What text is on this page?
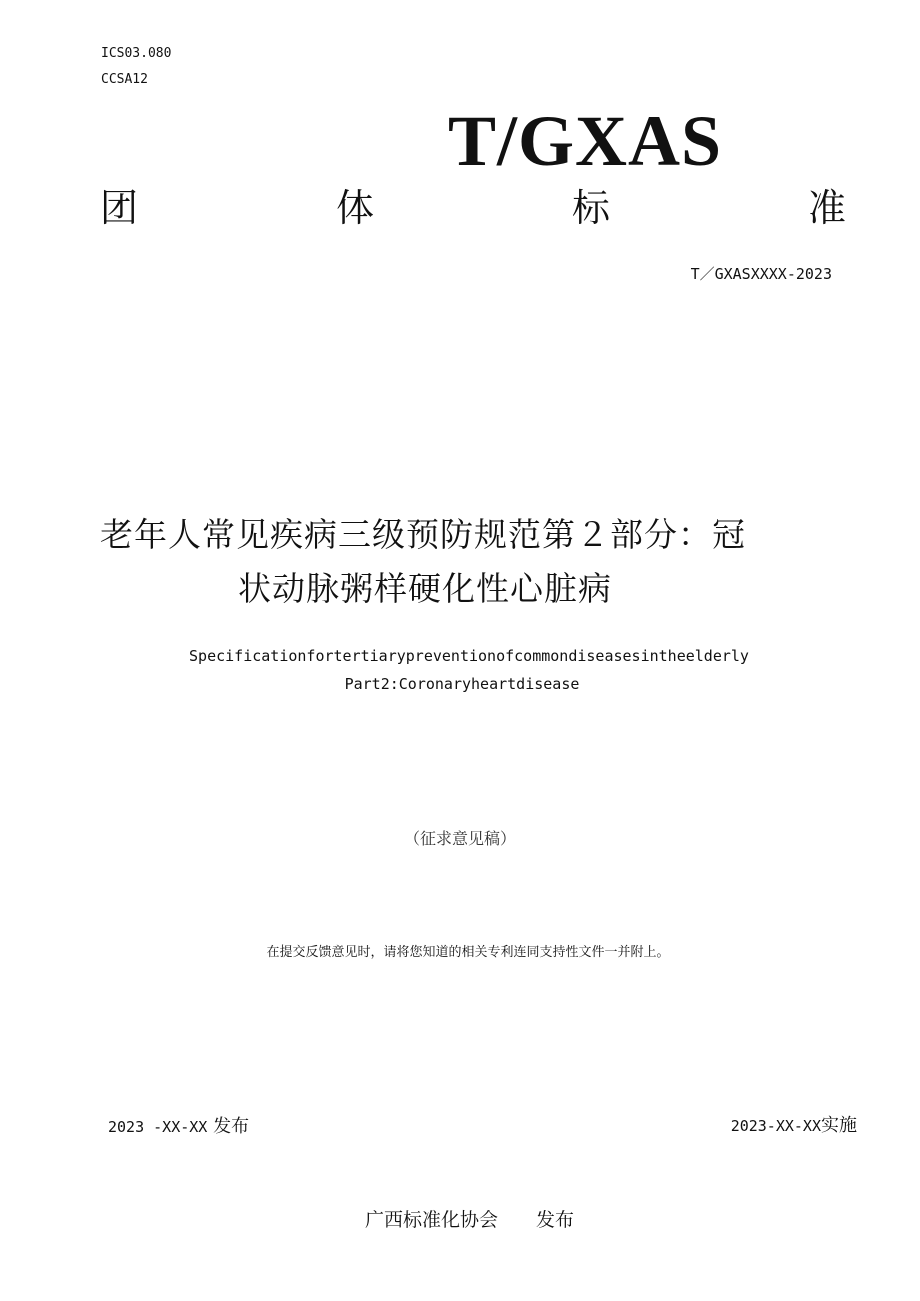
ICS03.080
CCSA12
T/GXAS
团	体	标	准
T／GXASXXXX-2023
老年人常见疾病三级预防规范第２部分：冠
状动脉粥样硬化性心脏病
Specificationfortertiarypreventionofcommondiseasesintheelderly
Part2:Coronaryheartdisease
（征求意见稿）
在提交反馈意见时，请将您知道的相关专利连同支持性文件一并附上。
2023 -XX-XX 发布	2023-XX-XX实施
广西标准化协会 发布
